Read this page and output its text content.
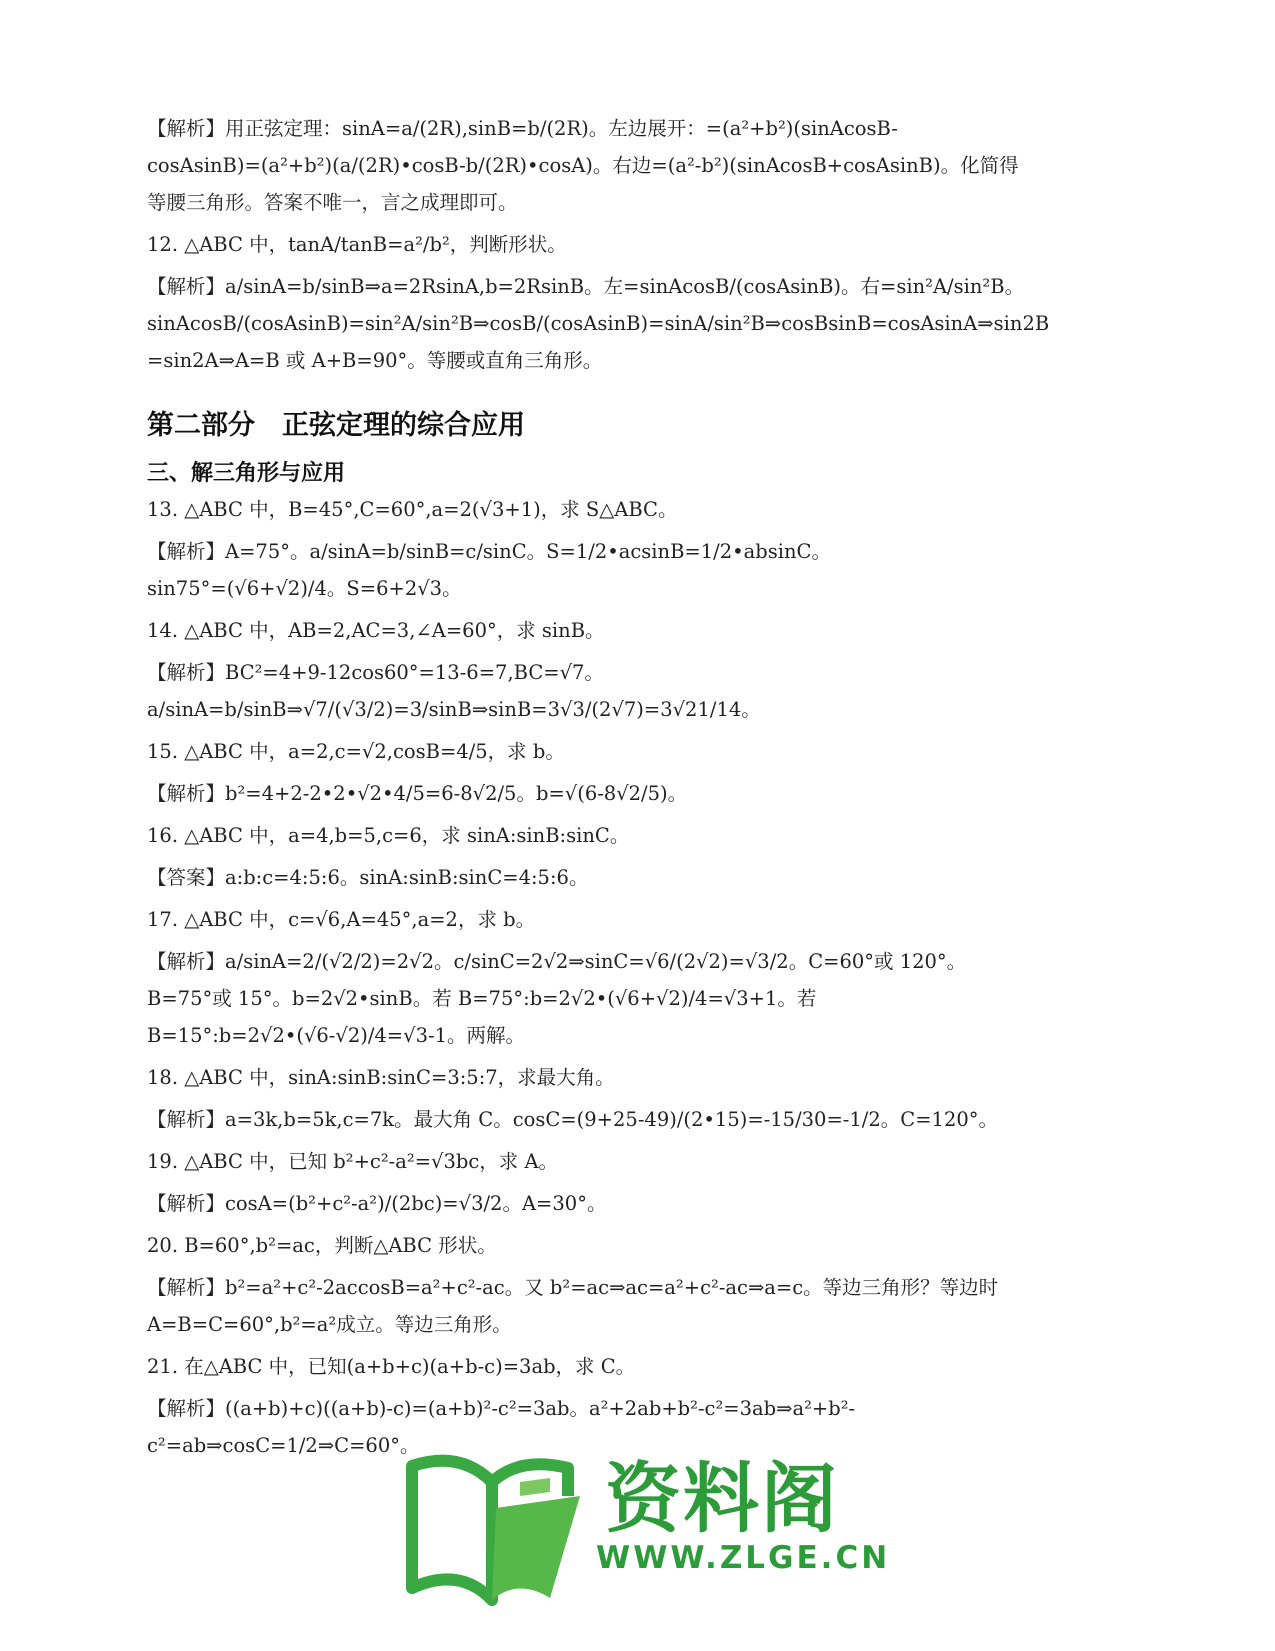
【解析】用正弦定理：sinA=a/(2R),sinB=b/(2R)。左边展开：=(a²+b²)(sinAcosB-
cosAsinB)=(a²+b²)(a/(2R)•cosB-b/(2R)•cosA)。右边=(a²-b²)(sinAcosB+cosAsinB)。化简得
等腰三角形。答案不唯一，言之成理即可。
12. △ABC 中，tanA/tanB=a²/b²，判断形状。
【解析】a/sinA=b/sinB⇒a=2RsinA,b=2RsinB。左=sinAcosB/(cosAsinB)。右=sin²A/sin²B。
sinAcosB/(cosAsinB)=sin²A/sin²B⇒cosB/(cosAsinB)=sinA/sin²B⇒cosBsinB=cosAsinA⇒sin2B
=sin2A⇒A=B 或 A+B=90°。等腰或直角三角形。
第二部分　正弦定理的综合应用
三、解三角形与应用
13. △ABC 中，B=45°,C=60°,a=2(√3+1)，求 S△ABC。
【解析】A=75°。a/sinA=b/sinB=c/sinC。S=1/2•acsinB=1/2•absinC。
sin75°=(√6+√2)/4。S=6+2√3。
14. △ABC 中，AB=2,AC=3,∠A=60°，求 sinB。
【解析】BC²=4+9-12cos60°=13-6=7,BC=√7。
a/sinA=b/sinB⇒√7/(√3/2)=3/sinB⇒sinB=3√3/(2√7)=3√21/14。
15. △ABC 中，a=2,c=√2,cosB=4/5，求 b。
【解析】b²=4+2-2•2•√2•4/5=6-8√2/5。b=√(6-8√2/5)。
16. △ABC 中，a=4,b=5,c=6，求 sinA:sinB:sinC。
【答案】a:b:c=4:5:6。sinA:sinB:sinC=4:5:6。
17. △ABC 中，c=√6,A=45°,a=2，求 b。
【解析】a/sinA=2/(√2/2)=2√2。c/sinC=2√2⇒sinC=√6/(2√2)=√3/2。C=60°或 120°。
B=75°或 15°。b=2√2•sinB。若 B=75°:b=2√2•(√6+√2)/4=√3+1。若
B=15°:b=2√2•(√6-√2)/4=√3-1。两解。
18. △ABC 中，sinA:sinB:sinC=3:5:7，求最大角。
【解析】a=3k,b=5k,c=7k。最大角 C。cosC=(9+25-49)/(2•15)=-15/30=-1/2。C=120°。
19. △ABC 中，已知 b²+c²-a²=√3bc，求 A。
【解析】cosA=(b²+c²-a²)/(2bc)=√3/2。A=30°。
20. B=60°,b²=ac，判断△ABC 形状。
【解析】b²=a²+c²-2accosB=a²+c²-ac。又 b²=ac⇒ac=a²+c²-ac⇒a=c。等边三角形？等边时
A=B=C=60°,b²=a²成立。等边三角形。
21. 在△ABC 中，已知(a+b+c)(a+b-c)=3ab，求 C。
【解析】((a+b)+c)((a+b)-c)=(a+b)²-c²=3ab。a²+2ab+b²-c²=3ab⇒a²+b²-
c²=ab⇒cosC=1/2⇒C=60°。
资料阁
WWW.ZLGE.CN
